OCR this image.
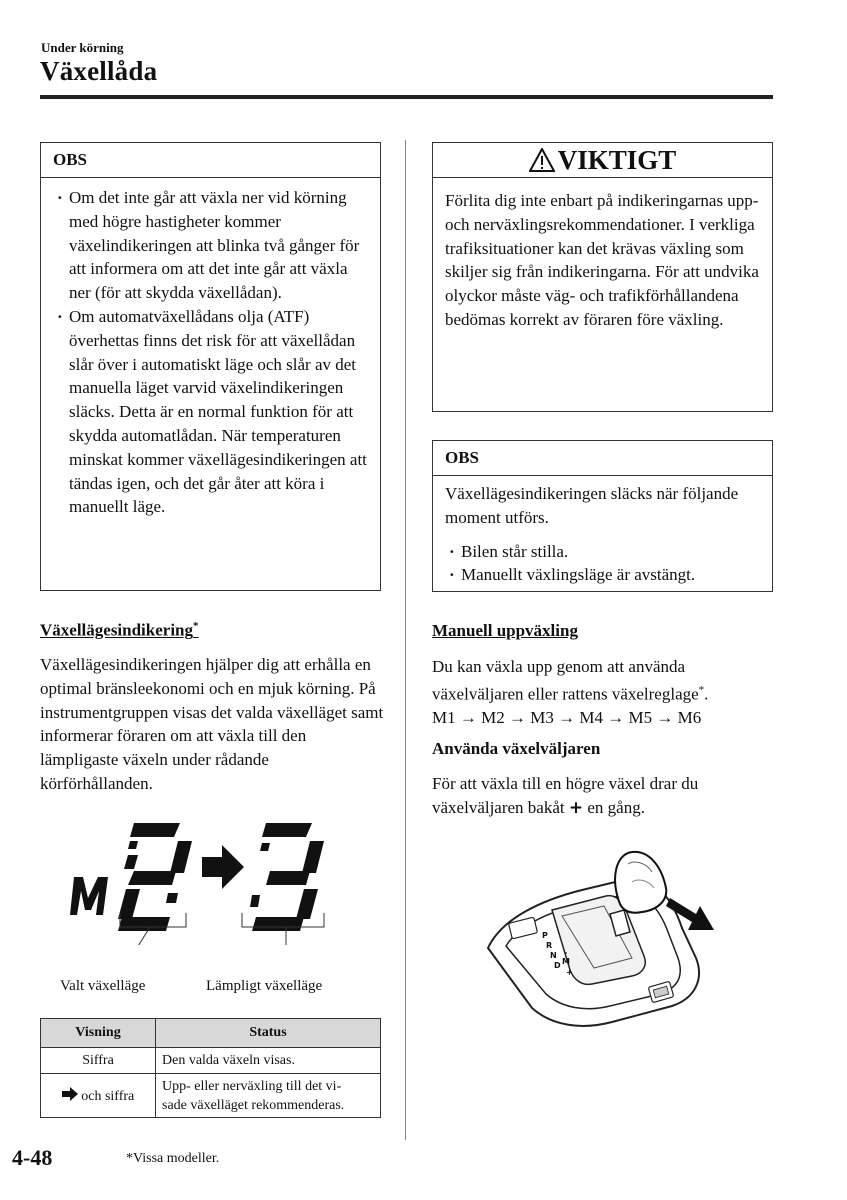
Under körning
Växellåda
OBS
· Om det inte går att växla ner vid körning med högre hastigheter kommer växelindikeringen att blinka två gånger för att informera om att det inte går att växla ner (för att skydda växellådan).
· Om automatväxellådans olja (ATF) överhettas finns det risk för att växellådan slår över i automatiskt läge och slår av det manuella läget varvid växelindikeringen släcks. Detta är en normal funktion för att skydda automatlådan. När temperaturen minskat kommer växellägesindikeringen att tändas igen, och det går åter att köra i manuellt läge.
Växellägesindikering*
Växellägesindikeringen hjälper dig att erhålla en optimal bränsleekonomi och en mjuk körning. På instrumentgruppen visas det valda växelläget samt informerar föraren om att växla till den lämpligaste växeln under rådande körförhållanden.
Valt växelläge	Lämpligt växelläge
Visning	Status
Siffra	Den valda växeln visas.
och siffra	Upp- eller nerväxling till det vi-
sade växelläget rekommenderas.
VIKTIGT
Förlita dig inte enbart på indikeringarnas upp- och nerväxlingsrekommendationer. I verkliga trafiksituationer kan det krävas växling som skiljer sig från indikeringarna. För att undvika olyckor måste väg- och trafikförhållandena bedömas korrekt av föraren före växling.
OBS
Växellägesindikeringen släcks när följande moment utförs.
· Bilen står stilla.
· Manuellt växlingsläge är avstängt.
Manuell uppväxling
Du kan växla upp genom att använda
växelväljaren eller rattens växelreglage*.
M1 → M2 → M3 → M4 → M5 → M6
Använda växelväljaren
För att växla till en högre växel drar du
växelväljaren bakåt + en gång.
P
R
N
D M
-
+
4-48	*Vissa modeller.
